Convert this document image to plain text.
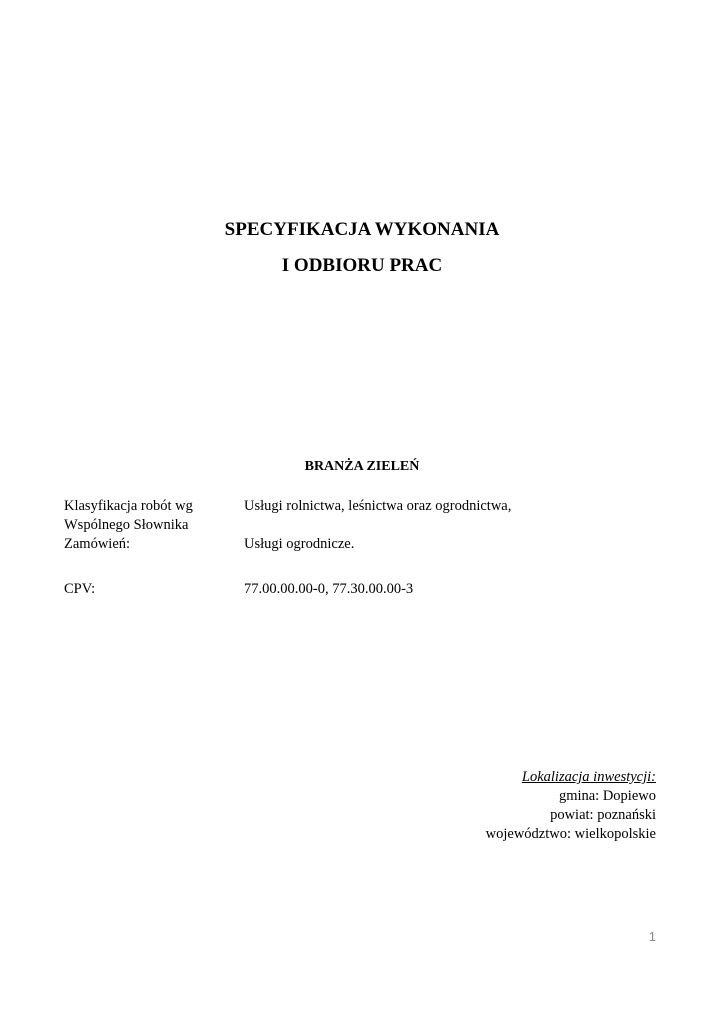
SPECYFIKACJA WYKONANIA
I ODBIORU PRAC
BRANŻA ZIELEŃ
Klasyfikacja robót wg
Wspólnego Słownika
Zamówień:
Usługi rolnictwa, leśnictwa oraz ogrodnictwa,
Usługi ogrodnicze.
CPV:	77.00.00.00-0, 77.30.00.00-3
Lokalizacja inwestycji:
gmina: Dopiewo
powiat: poznański
województwo: wielkopolskie
1
